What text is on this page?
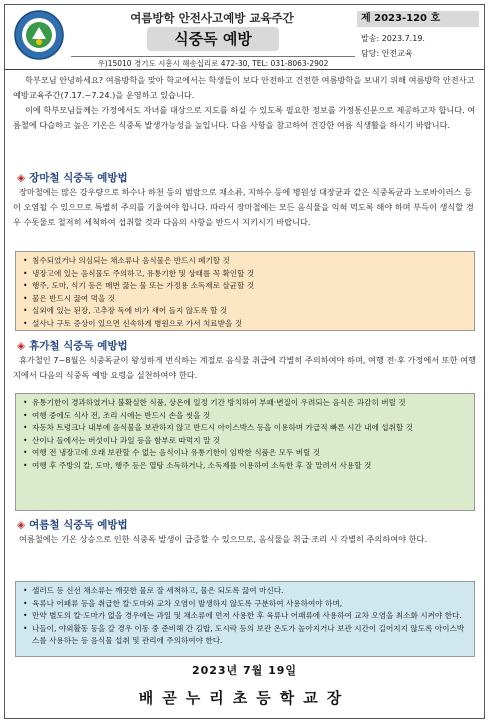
여름방학 안전사고예방 교육주간
식중독 예방
우)15010 경기도 시흥시 해송십리로 472-30, TEL: 031-8063-2902
제 2023-120 호
발송: 2023.7.19.
담당: 안전교육

학부모님 안녕하세요? 여름방학을 맞아 학교에서는 학생들이 보다 안전하고 건전한 여름방학을 보내기 위해 여름방학 안전사고 예방교육주간(7.17.~7.24.)을 운영하고 있습니다.

이에 학부모님들께는 가정에서도 자녀를 대상으로 지도를 하실 수 있도록 필요한 정보를 가정통신문으로 제공하고자 합니다. 여름철에 다습하고 높은 기온은 식중독 발생가능성을 높입니다. 다음 사항을 참고하여 건강한 여름 식생활을 하시기 바랍니다.

◈ 장마철 식중독 예방법

장마철에는 많은 강우량으로 하수나 하천 등의 범람으로 채소류, 지하수 등에 병원성 대장균과 같은 식중독균과 노로바이러스 등이 오염될 수 있으므로 특별히 주의를 기울여야 합니다. 따라서 장마철에는 모든 음식물을 익혀 먹도록 해야 하며 부득이 생식할 경우 수돗물로 철저히 세척하여 섭취할 것과 다음의 사항을 반드시 지키시기 바랍니다.

• 침수되었거나 의심되는 채소류나 음식물은 반드시 폐기할 것
• 냉장고에 있는 음식물도 주의하고, 유통기한 및 상태를 꼭 확인할 것
• 행주, 도마, 식기 등은 매번 끓는 물 또는 가정용 소독제로 살균할 것
• 물은 반드시 끓여 먹을 것
• 실외에 있는 된장, 고추장 독에 비가 새어 들지 않도록 할 것
• 설사나 구토 증상이 있으면 신속하게 병원으로 가서 치료받을 것
◈ 휴가철 식중독 예방법

휴가철인 7~8월은 식중독균이 왕성하게 번식하는 계절로 음식물 취급에 각별히 주의하여야 하며, 여행 전·후 가정에서 또한 여행지에서 다음의 식중독 예방 요령을 실천하여야 한다.

• 유통기한이 경과하였거나 불확실한 식품, 상온에 일정 기간 방치하여 부패·변질이 우려되는 음식은 과감히 버릴 것
• 여행 중에도 식사 전, 조리 시에는 반드시 손을 씻을 것
• 자동차 트렁크나 내부에 음식물을 보관하지 않고 반드시 아이스박스 등을 이용하며 가급적 빠른 시간 내에 섭취할 것
• 산이나 들에서는 버섯이나 과일 등을 함부로 따먹지 말 것
• 여행 전 냉장고에 오래 보관할 수 없는 음식이나 유통기한이 임박한 식품은 모두 버릴 것
• 여행 후 주방의 칼, 도마, 행주 등은 열탕 소독하거나, 소독제를 이용하여 소독한 후 잘 말려서 사용할 것
◈ 여름철 식중독 예방법

여름철에는 기온 상승으로 인한 식중독 발생이 급증할 수 있으므로, 음식물을 취급·조리 시 각별히 주의하여야 한다.

• 샐러드 등 신선 채소류는 깨끗한 물로 잘 세척하고, 물은 되도록 끓여 마신다.
• 육류나 어패류 등을 취급한 칼·도마와 교차 오염이 발생하지 않도록 구분하여 사용하여야 하며,
• 만약 별도의 칼·도마가 없을 경우에는 과일 및 채소류에 먼저 사용한 후 육류나 어패류에 사용하여 교차 오염을 최소화 시켜야 한다.
• 나들이, 야외활동 등을 갈 경우 이동 중 준비해 간 김밥, 도시락 등의 보관 온도가 높아지거나 보관 시간이 길어지지 않도록 아이스박스를 사용하는 등 음식물 섭취 및 관리에 주의하여야 한다.
2023년 7월 19일
배곧누리초등학교장
